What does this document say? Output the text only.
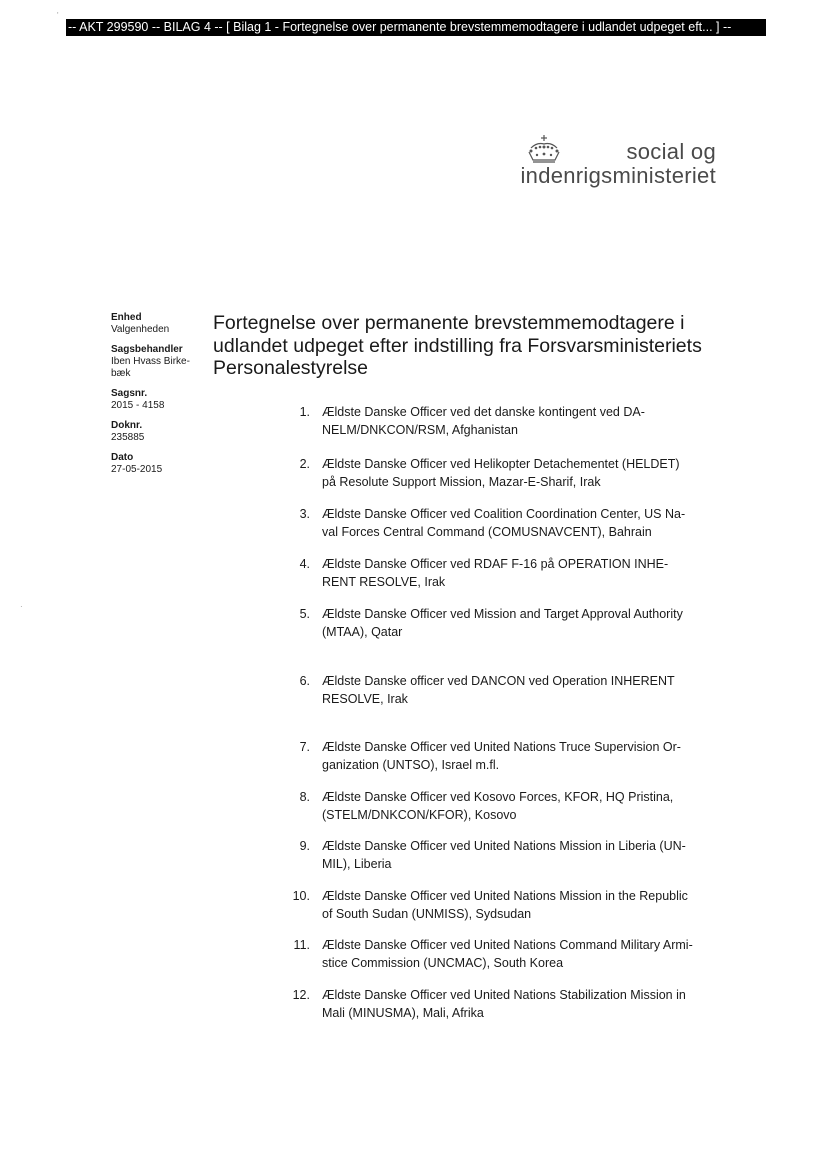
-- AKT 299590 -- BILAG 4 -- [ Bilag 1 - Fortegnelse over permanente brevstemmemodtagere i udlandet udpeget eft... ] --
'
social og
indenrigsministeriet
Enhed
Valgenheden
Sagsbehandler
Iben Hvass Birke-
bæk
Sagsnr.
2015 - 4158
Doknr.
235885
Dato
27-05-2015
Fortegnelse over permanente brevstemmemodtagere i
udlandet udpeget efter indstilling fra Forsvarsministeriets
Personalestyrelse
·
1. Ældste Danske Officer ved det danske kontingent ved DA-
NELM/DNKCON/RSM, Afghanistan
2. Ældste Danske Officer ved Helikopter Detachementet (HELDET)
på Resolute Support Mission, Mazar-E-Sharif, Irak
3. Ældste Danske Officer ved Coalition Coordination Center, US Na-
val Forces Central Command (COMUSNAVCENT), Bahrain
4. Ældste Danske Officer ved RDAF F-16 på OPERATION INHE-
RENT RESOLVE, Irak
5. Ældste Danske Officer ved Mission and Target Approval Authority
(MTAA), Qatar
6. Ældste Danske officer ved DANCON ved Operation INHERENT
RESOLVE, Irak
7. Ældste Danske Officer ved United Nations Truce Supervision Or-
ganization (UNTSO), Israel m.fl.
8. Ældste Danske Officer ved Kosovo Forces, KFOR, HQ Pristina,
(STELM/DNKCON/KFOR), Kosovo
9. Ældste Danske Officer ved United Nations Mission in Liberia (UN-
MIL), Liberia
10. Ældste Danske Officer ved United Nations Mission in the Republic
of South Sudan (UNMISS), Sydsudan
11. Ældste Danske Officer ved United Nations Command Military Armi-
stice Commission (UNCMAC), South Korea
12. Ældste Danske Officer ved United Nations Stabilization Mission in
Mali (MINUSMA), Mali, Afrika
